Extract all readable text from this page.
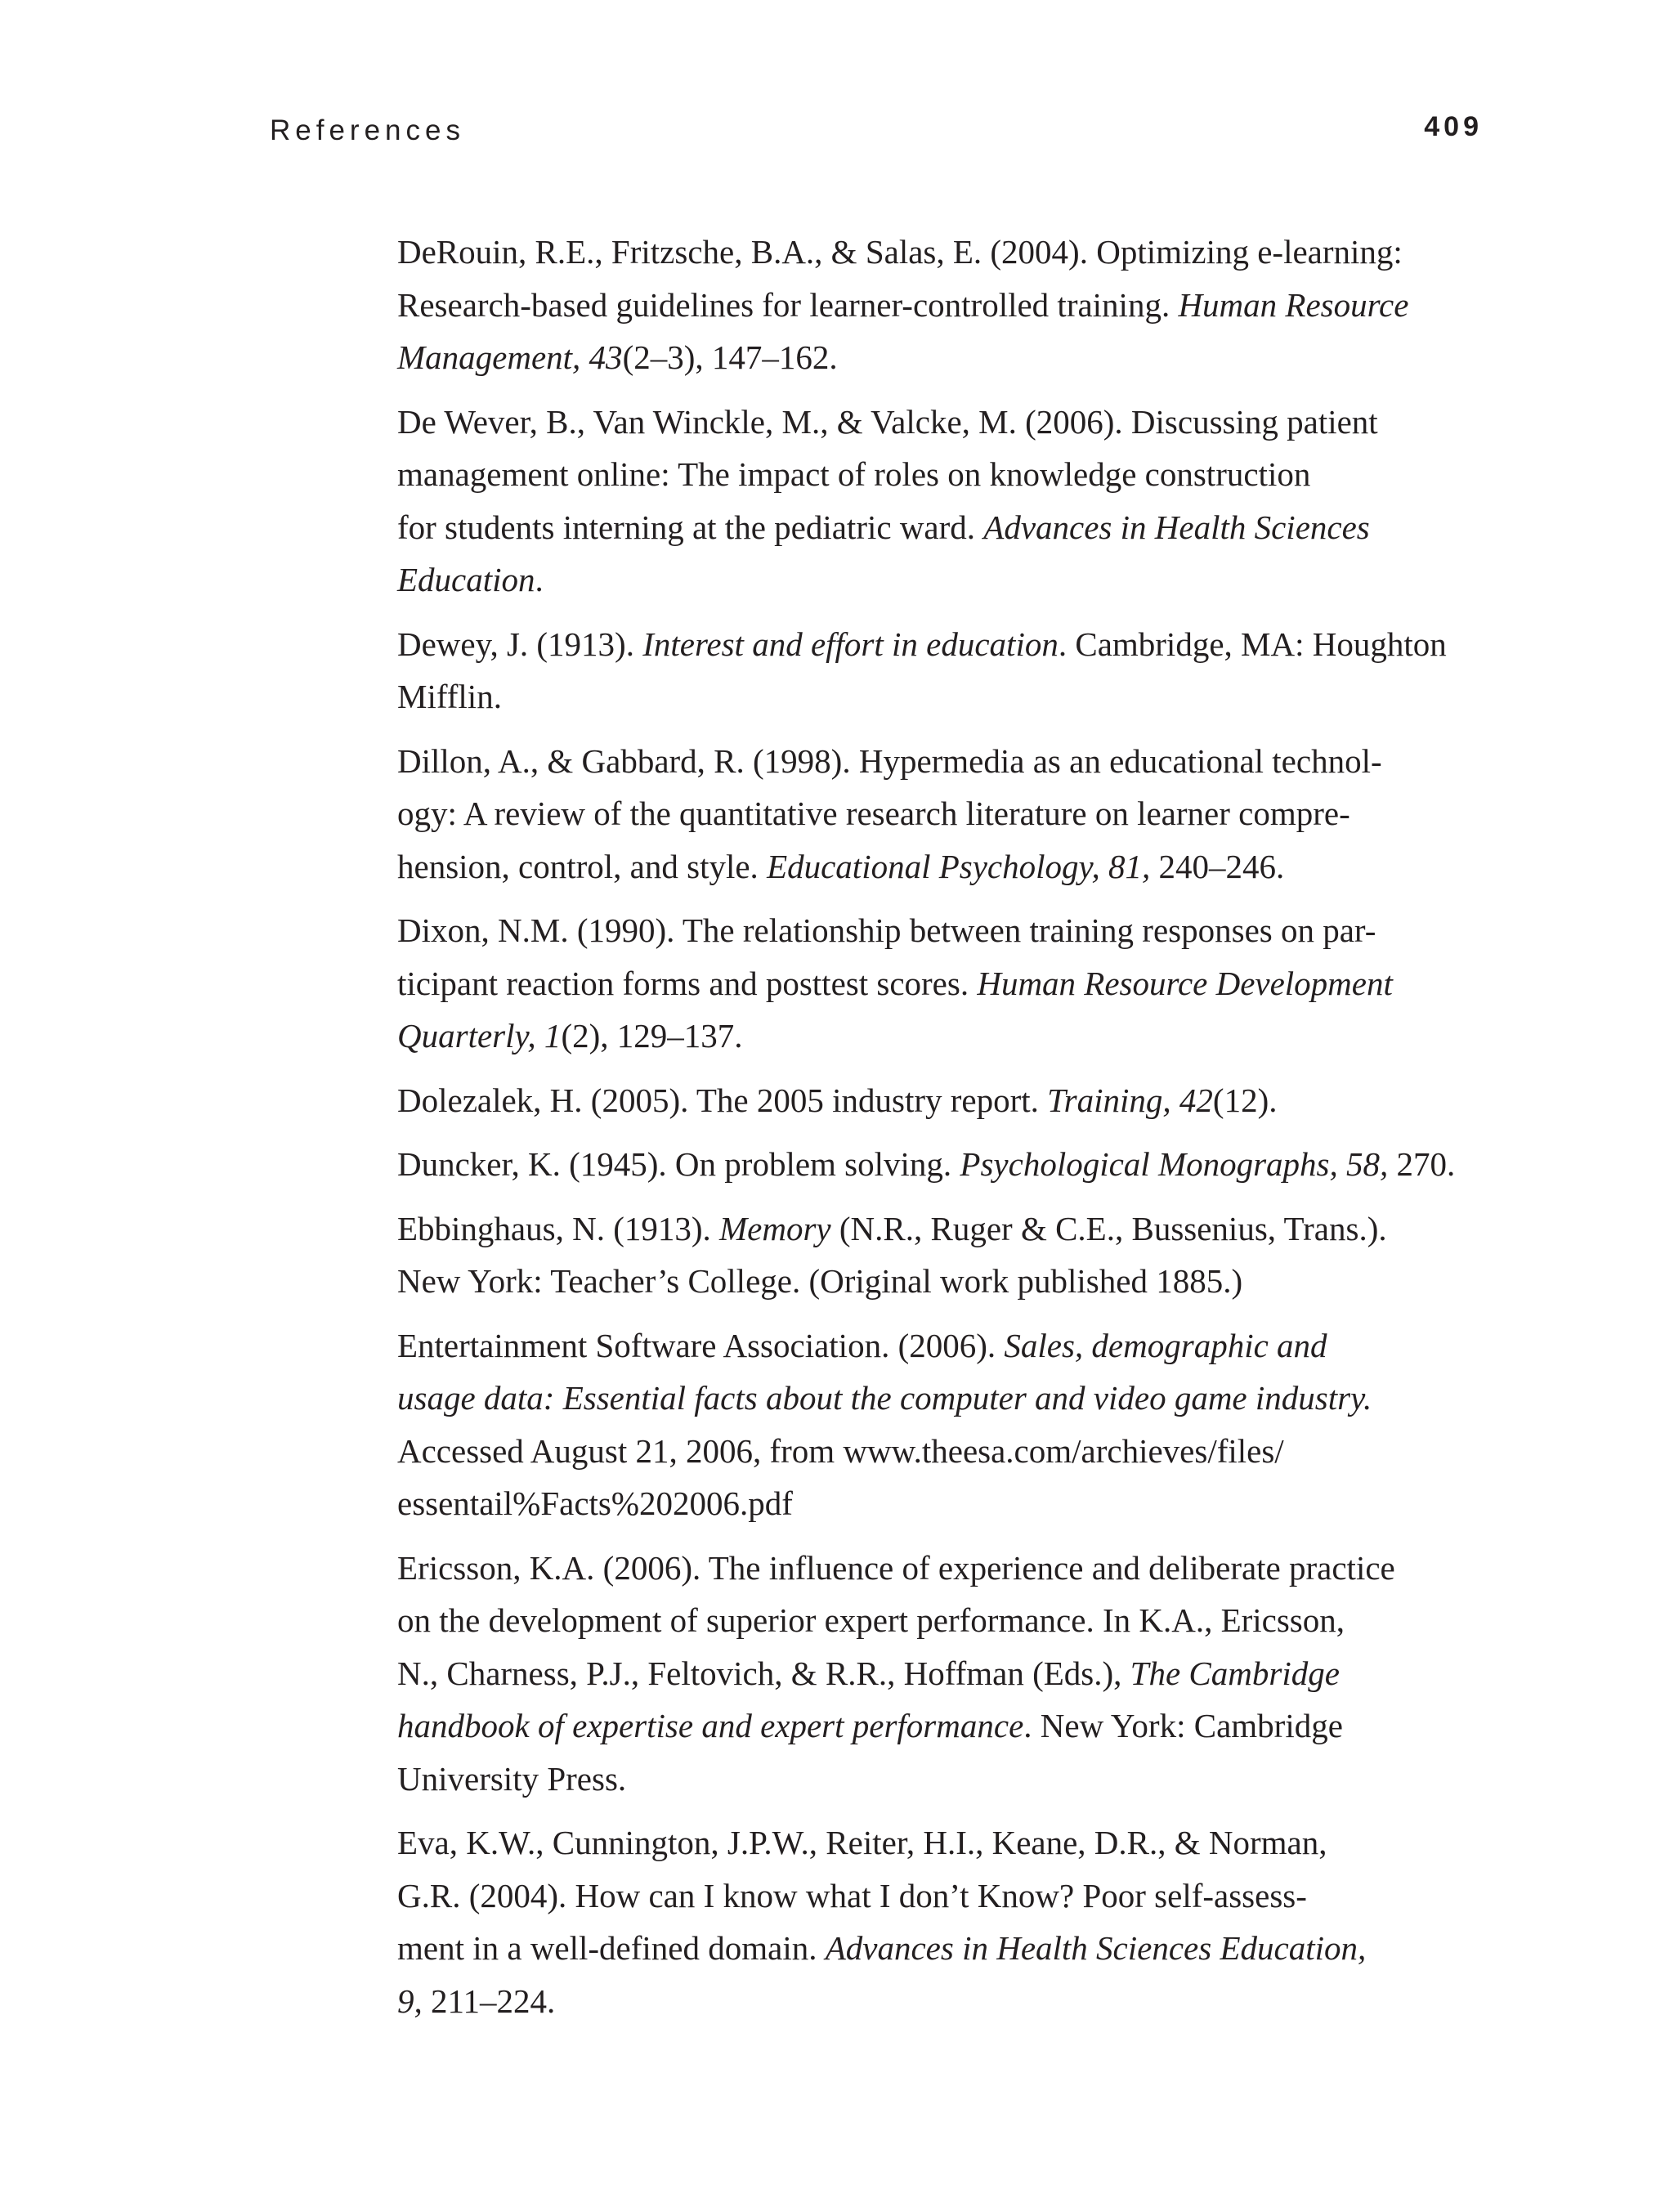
References	409
DeRouin, R.E., Fritzsche, B.A., & Salas, E. (2004). Optimizing e-learning:
Research-based guidelines for learner-controlled training. Human Resource
Management, 43(2–3), 147–162.
De Wever, B., Van Winckle, M., & Valcke, M. (2006). Discussing patient
management online: The impact of roles on knowledge construction
for students interning at the pediatric ward. Advances in Health Sciences
Education.
Dewey, J. (1913). Interest and effort in education. Cambridge, MA: Houghton
Mifflin.
Dillon, A., & Gabbard, R. (1998). Hypermedia as an educational technol-
ogy: A review of the quantitative research literature on learner compre-
hension, control, and style. Educational Psychology, 81, 240–246.
Dixon, N.M. (1990). The relationship between training responses on par-
ticipant reaction forms and posttest scores. Human Resource Development
Quarterly, 1(2), 129–137.
Dolezalek, H. (2005). The 2005 industry report. Training, 42(12).
Duncker, K. (1945). On problem solving. Psychological Monographs, 58, 270.
Ebbinghaus, N. (1913). Memory (N.R., Ruger & C.E., Bussenius, Trans.).
New York: Teacher’s College. (Original work published 1885.)
Entertainment Software Association. (2006). Sales, demographic and
usage data: Essential facts about the computer and video game industry.
Accessed August 21, 2006, from www.theesa.com/archieves/files/
essentail%Facts%202006.pdf
Ericsson, K.A. (2006). The influence of experience and deliberate practice
on the development of superior expert performance. In K.A., Ericsson,
N., Charness, P.J., Feltovich, & R.R., Hoffman (Eds.), The Cambridge
handbook of expertise and expert performance. New York: Cambridge
University Press.
Eva, K.W., Cunnington, J.P.W., Reiter, H.I., Keane, D.R., & Norman,
G.R. (2004). How can I know what I don’t Know? Poor self-assess-
ment in a well-defined domain. Advances in Health Sciences Education,
9, 211–224.
